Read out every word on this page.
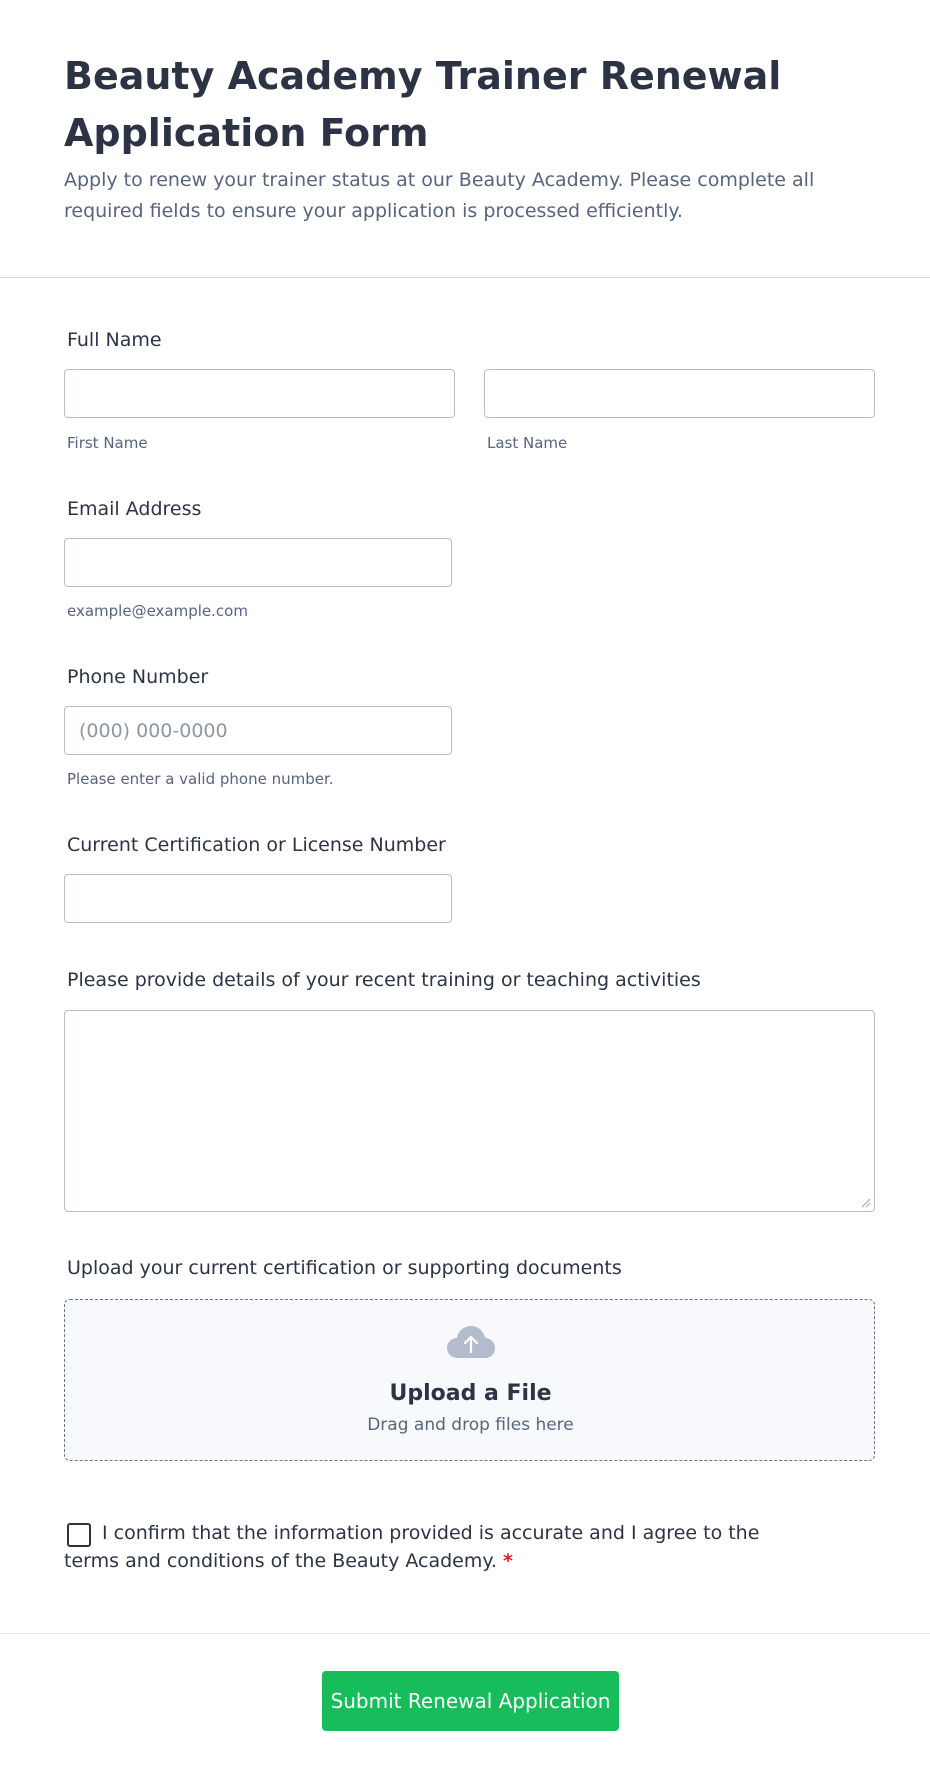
Beauty Academy Trainer Renewal Application Form

Apply to renew your trainer status at our Beauty Academy. Please complete all required fields to ensure your application is processed efficiently.

Full Name
First Name	Last Name
Email Address
example@example.com
Phone Number
(000) 000-0000
Please enter a valid phone number.
Current Certification or License Number
Please provide details of your recent training or teaching activities
Upload your current certification or supporting documents
Upload a File
Drag and drop files here

I confirm that the information provided is accurate and I agree to the terms and conditions of the Beauty Academy. *

Submit Renewal Application
